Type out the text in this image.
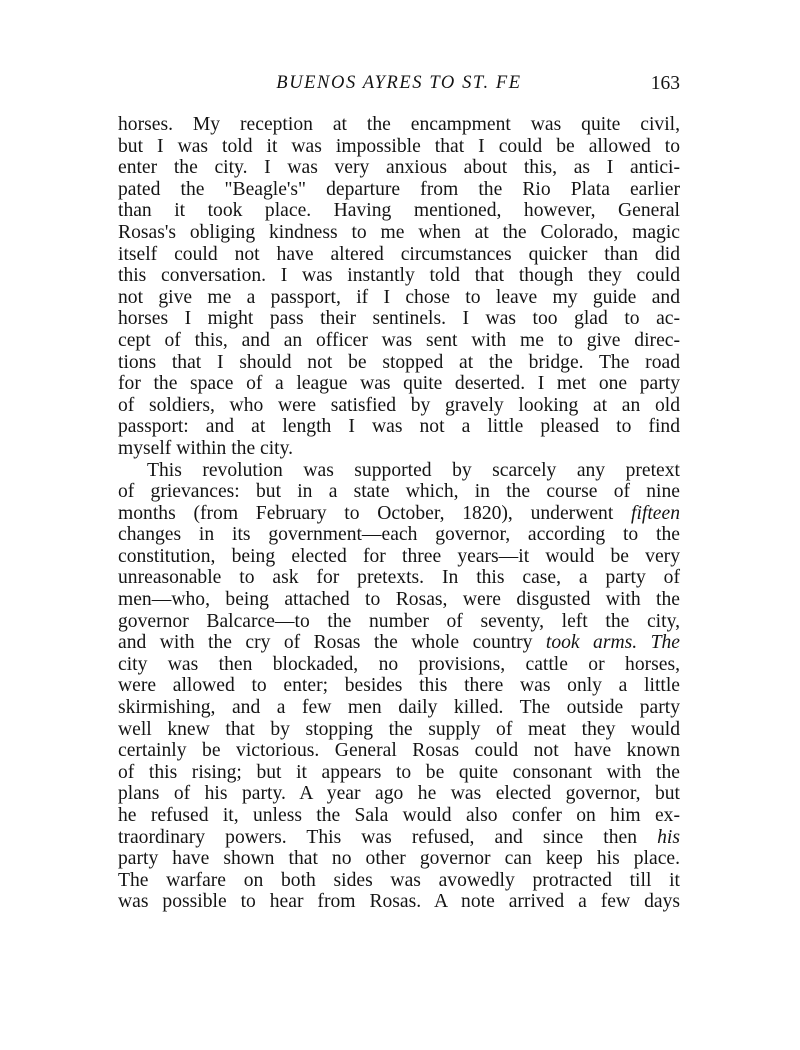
BUENOS AYRES TO ST. FE	163
horses. My reception at the encampment was quite civil,
but I was told it was impossible that I could be allowed to
enter the city. I was very anxious about this, as I antici-
pated the "Beagle's" departure from the Rio Plata earlier
than it took place. Having mentioned, however, General
Rosas's obliging kindness to me when at the Colorado, magic
itself could not have altered circumstances quicker than did
this conversation. I was instantly told that though they could
not give me a passport, if I chose to leave my guide and
horses I might pass their sentinels. I was too glad to ac-
cept of this, and an officer was sent with me to give direc-
tions that I should not be stopped at the bridge. The road
for the space of a league was quite deserted. I met one party
of soldiers, who were satisfied by gravely looking at an old
passport: and at length I was not a little pleased to find
myself within the city.
This revolution was supported by scarcely any pretext
of grievances: but in a state which, in the course of nine
months (from February to October, 1820), underwent fifteen
changes in its government—each governor, according to the
constitution, being elected for three years—it would be very
unreasonable to ask for pretexts. In this case, a party of
men—who, being attached to Rosas, were disgusted with the
governor Balcarce—to the number of seventy, left the city,
and with the cry of Rosas the whole country took arms. The
city was then blockaded, no provisions, cattle or horses,
were allowed to enter; besides this there was only a little
skirmishing, and a few men daily killed. The outside party
well knew that by stopping the supply of meat they would
certainly be victorious. General Rosas could not have known
of this rising; but it appears to be quite consonant with the
plans of his party. A year ago he was elected governor, but
he refused it, unless the Sala would also confer on him ex-
traordinary powers. This was refused, and since then his
party have shown that no other governor can keep his place.
The warfare on both sides was avowedly protracted till it
was possible to hear from Rosas. A note arrived a few days
